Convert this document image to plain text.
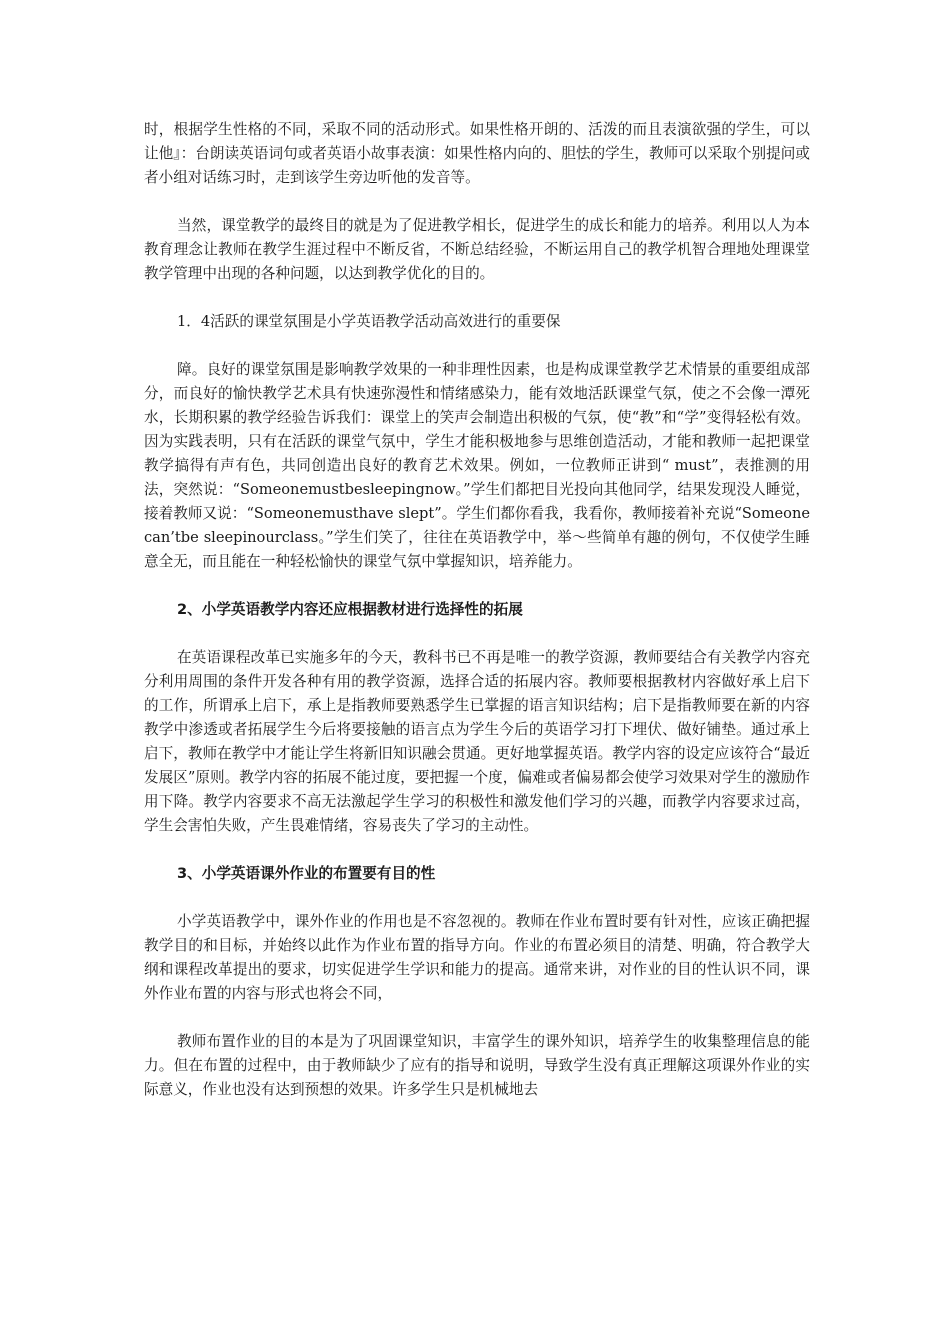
时，根据学生性格的不同，采取不同的活动形式。如果性格开朗的、活泼的而且表演欲强的学生，可以让他』：台朗读英语词句或者英语小故事表演：如果性格内向的、胆怯的学生，教师可以采取个别提问或者小组对话练习时，走到该学生旁边听他的发音等。

当然，课堂教学的最终目的就是为了促进教学相长，促进学生的成长和能力的培养。利用以人为本教育理念让教师在教学生涯过程中不断反省，不断总结经验，不断运用自己的教学机智合理地处理课堂教学管理中出现的各种问题，以达到教学优化的目的。

1．4活跃的课堂氛围是小学英语教学活动高效进行的重要保

障。良好的课堂氛围是影响教学效果的一种非理性因素，也是构成课堂教学艺术情景的重要组成部分，而良好的愉快教学艺术具有快速弥漫性和情绪感染力，能有效地活跃课堂气氛，使之不会像一潭死水，长期积累的教学经验告诉我们：课堂上的笑声会制造出积极的气氛，使“教”和“学”变得轻松有效。因为实践表明，只有在活跃的课堂气氛中，学生才能积极地参与思维创造活动，才能和教师一起把课堂教学搞得有声有色，共同创造出良好的教育艺术效果。例如，一位教师正讲到“ must”，表推测的用法，突然说：“Someonemustbesleepingnow。”学生们都把目光投向其他同学，结果发现没人睡觉，接着教师又说：“Someonemusthave slept”。学生们都你看我，我看你，教师接着补充说“Someonecan’tbe sleepinourclass。”学生们笑了，往往在英语教学中，举～些简单有趣的例句，不仅使学生睡意全无，而且能在一种轻松愉快的课堂气氛中掌握知识，培养能力。

2、小学英语教学内容还应根据教材进行选择性的拓展

在英语课程改革已实施多年的今天，教科书已不再是唯一的教学资源，教师要结合有关教学内容充分利用周围的条件开发各种有用的教学资源，选择合适的拓展内容。教师要根据教材内容做好承上启下的工作，所谓承上启下，承上是指教师要熟悉学生已掌握的语言知识结构；启下是指教师要在新的内容教学中渗透或者拓展学生今后将要接触的语言点为学生今后的英语学习打下埋伏、做好铺垫。通过承上启下，教师在教学中才能让学生将新旧知识融会贯通。更好地掌握英语。教学内容的设定应该符合“最近发展区”原则。教学内容的拓展不能过度，要把握一个度，偏难或者偏易都会使学习效果对学生的激励作用下降。教学内容要求不高无法激起学生学习的积极性和激发他们学习的兴趣，而教学内容要求过高，学生会害怕失败，产生畏难情绪，容易丧失了学习的主动性。

3、小学英语课外作业的布置要有目的性

小学英语教学中，课外作业的作用也是不容忽视的。教师在作业布置时要有针对性，应该正确把握教学目的和目标，并始终以此作为作业布置的指导方向。作业的布置必须目的清楚、明确，符合教学大纲和课程改革提出的要求，切实促进学生学识和能力的提高。通常来讲，对作业的目的性认识不同，课外作业布置的内容与形式也将会不同，

教师布置作业的目的本是为了巩固课堂知识，丰富学生的课外知识，培养学生的收集整理信息的能力。但在布置的过程中，由于教师缺少了应有的指导和说明，导致学生没有真正理解这项课外作业的实际意义，作业也没有达到预想的效果。许多学生只是机械地去
